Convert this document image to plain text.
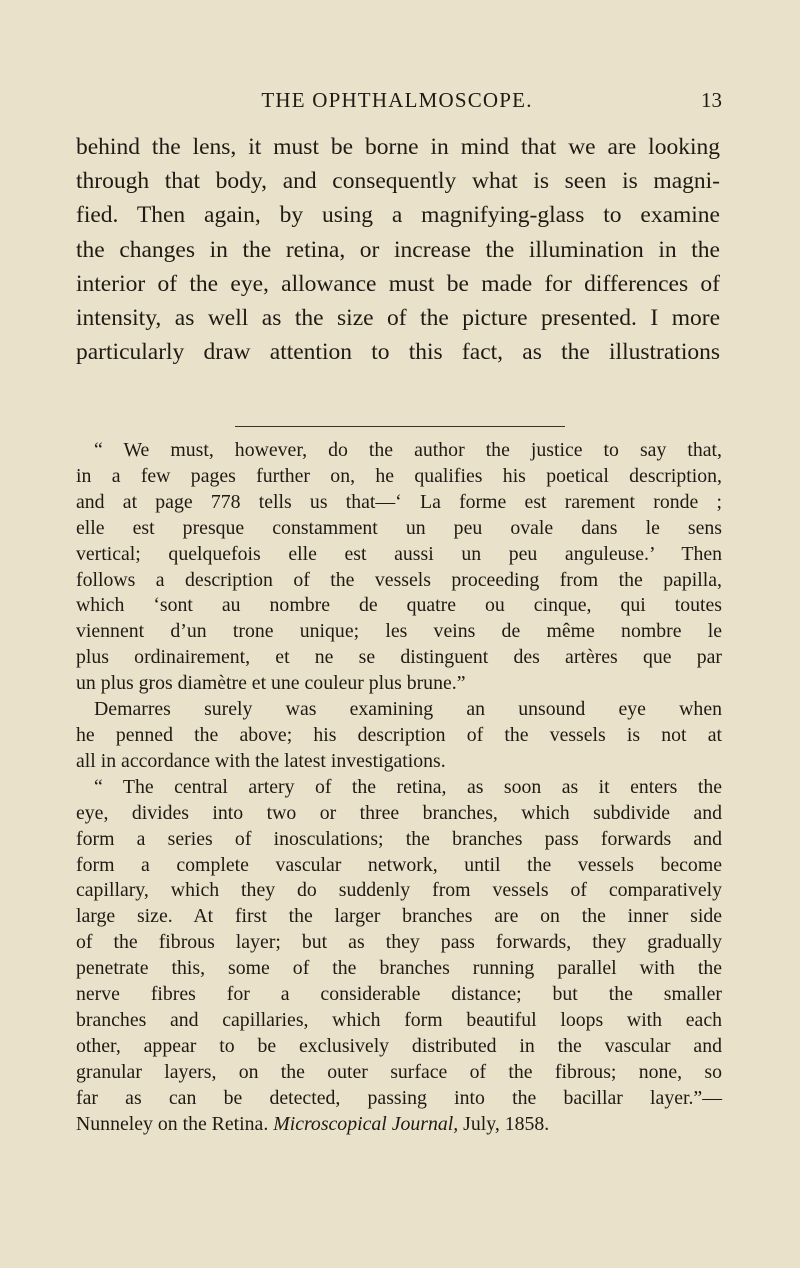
THE OPHTHALMOSCOPE.	13
behind the lens, it must be borne in mind that we are looking
through that body, and consequently what is seen is magni-
fied. Then again, by using a magnifying-glass to examine
the changes in the retina, or increase the illumination in the
interior of the eye, allowance must be made for differences of
intensity, as well as the size of the picture presented. I more
particularly draw attention to this fact, as the illustrations
“ We must, however, do the author the justice to say that,
in a few pages further on, he qualifies his poetical description,
and at page 778 tells us that—‘ La forme est rarement ronde ;
elle est presque constamment un peu ovale dans le sens
vertical; quelquefois elle est aussi un peu anguleuse.’ Then
follows a description of the vessels proceeding from the papilla,
which ‘sont au nombre de quatre ou cinque, qui toutes
viennent d’un trone unique; les veins de même nombre le
plus ordinairement, et ne se distinguent des artères que par
un plus gros diamètre et une couleur plus brune.”
Demarres surely was examining an unsound eye when
he penned the above; his description of the vessels is not at
all in accordance with the latest investigations.
“ The central artery of the retina, as soon as it enters the
eye, divides into two or three branches, which subdivide and
form a series of inosculations; the branches pass forwards and
form a complete vascular network, until the vessels become
capillary, which they do suddenly from vessels of comparatively
large size. At first the larger branches are on the inner side
of the fibrous layer; but as they pass forwards, they gradually
penetrate this, some of the branches running parallel with the
nerve fibres for a considerable distance; but the smaller
branches and capillaries, which form beautiful loops with each
other, appear to be exclusively distributed in the vascular and
granular layers, on the outer surface of the fibrous; none, so
far as can be detected, passing into the bacillar layer.”—
Nunneley on the Retina. Microscopical Journal, July, 1858.
